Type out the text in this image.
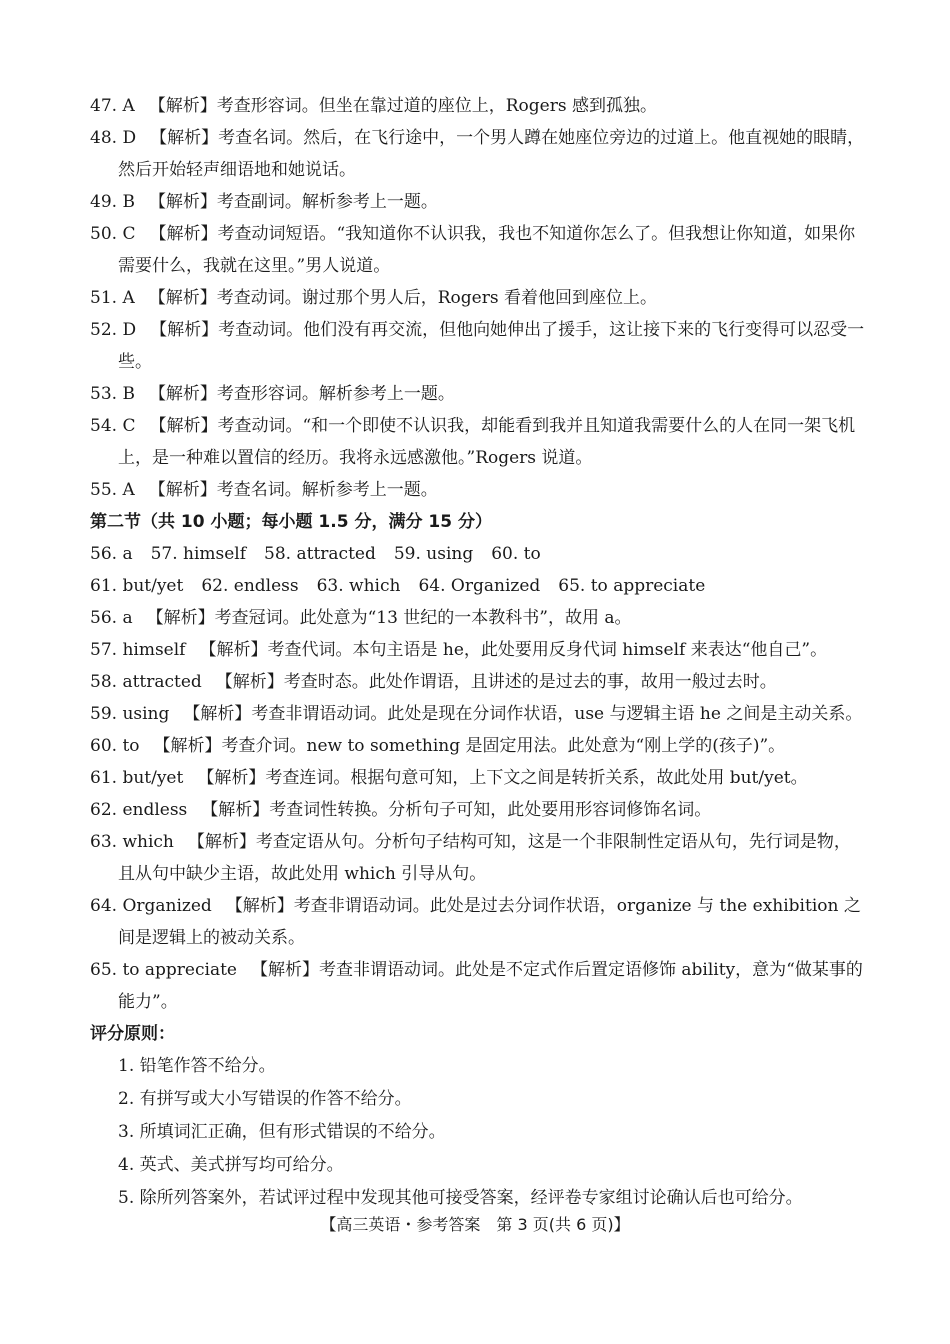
47. A 【解析】考查形容词。但坐在靠过道的座位上，Rogers 感到孤独。
48. D 【解析】考查名词。然后，在飞行途中，一个男人蹲在她座位旁边的过道上。他直视她的眼睛，然后开始轻声细语地和她说话。
49. B 【解析】考查副词。解析参考上一题。
50. C 【解析】考查动词短语。“我知道你不认识我，我也不知道你怎么了。但我想让你知道，如果你需要什么，我就在这里。”男人说道。
51. A 【解析】考查动词。谢过那个男人后，Rogers 看着他回到座位上。
52. D 【解析】考查动词。他们没有再交流，但他向她伸出了援手，这让接下来的飞行变得可以忍受一些。
53. B 【解析】考查形容词。解析参考上一题。
54. C 【解析】考查动词。“和一个即使不认识我，却能看到我并且知道我需要什么的人在同一架飞机上，是一种难以置信的经历。我将永远感激他。”Rogers 说道。
55. A 【解析】考查名词。解析参考上一题。
第二节（共 10 小题；每小题 1.5 分，满分 15 分）
56. a 57. himself 58. attracted 59. using 60. to
61. but/yet 62. endless 63. which 64. Organized 65. to appreciate
56. a 【解析】考查冠词。此处意为“13 世纪的一本教科书”，故用 a。
57. himself 【解析】考查代词。本句主语是 he，此处要用反身代词 himself 来表达“他自己”。
58. attracted 【解析】考查时态。此处作谓语，且讲述的是过去的事，故用一般过去时。
59. using 【解析】考查非谓语动词。此处是现在分词作状语，use 与逻辑主语 he 之间是主动关系。
60. to 【解析】考查介词。new to something 是固定用法。此处意为“刚上学的(孩子)”。
61. but/yet 【解析】考查连词。根据句意可知，上下文之间是转折关系，故此处用 but/yet。
62. endless 【解析】考查词性转换。分析句子可知，此处要用形容词修饰名词。
63. which 【解析】考查定语从句。分析句子结构可知，这是一个非限制性定语从句，先行词是物，且从句中缺少主语，故此处用 which 引导从句。
64. Organized 【解析】考查非谓语动词。此处是过去分词作状语，organize 与 the exhibition 之间是逻辑上的被动关系。
65. to appreciate 【解析】考查非谓语动词。此处是不定式作后置定语修饰 ability，意为“做某事的能力”。
评分原则：
1. 铅笔作答不给分。
2. 有拼写或大小写错误的作答不给分。
3. 所填词汇正确，但有形式错误的不给分。
4. 英式、美式拼写均可给分。
5. 除所列答案外，若试评过程中发现其他可接受答案，经评卷专家组讨论确认后也可给分。
【高三英语・参考答案　第 3 页(共 6 页)】
